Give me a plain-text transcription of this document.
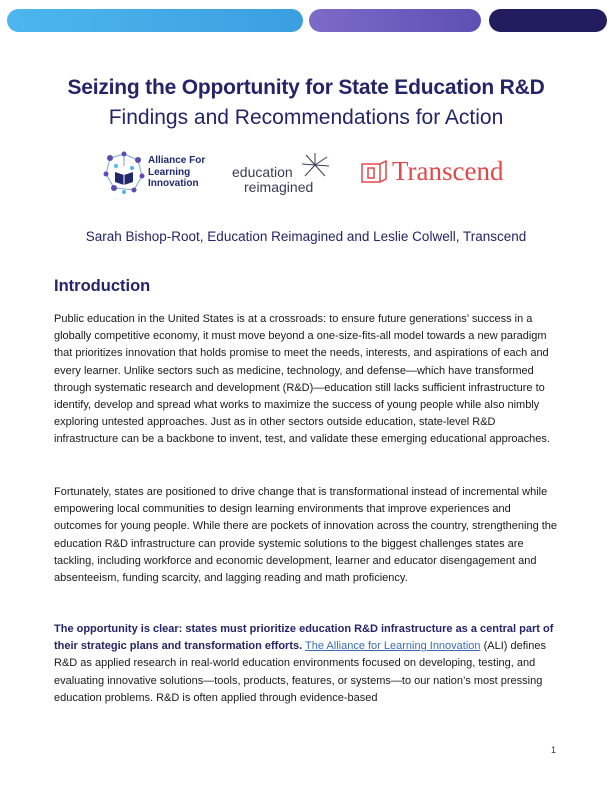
Seizing the Opportunity for State Education R&D
Findings and Recommendations for Action
Alliance For
Learning
Innovation
education
reimagined
Transcend
Sarah Bishop-Root, Education Reimagined and Leslie Colwell, Transcend
Introduction

Public education in the United States is at a crossroads: to ensure future generations’ success in a globally competitive economy, it must move beyond a one-size-fits-all model towards a new paradigm that prioritizes innovation that holds promise to meet the needs, interests, and aspirations of each and every learner. Unlike sectors such as medicine, technology, and defense—which have transformed through systematic research and development (R&D)—education still lacks sufficient infrastructure to identify, develop and spread what works to maximize the success of young people while also nimbly exploring untested approaches. Just as in other sectors outside education, state-level R&D infrastructure can be a backbone to invent, test, and validate these emerging educational approaches.

Fortunately, states are positioned to drive change that is transformational instead of incremental while empowering local communities to design learning environments that improve experiences and outcomes for young people. While there are pockets of innovation across the country, strengthening the education R&D infrastructure can provide systemic solutions to the biggest challenges states are tackling, including workforce and economic development, learner and educator disengagement and absenteeism, funding scarcity, and lagging reading and math proficiency.

The opportunity is clear: states must prioritize education R&D infrastructure as a central part of their strategic plans and transformation efforts. The Alliance for Learning Innovation (ALI) defines R&D as applied research in real-world education environments focused on developing, testing, and evaluating innovative solutions—tools, products, features, or systems—to our nation’s most pressing education problems. R&D is often applied through evidence-based

1
